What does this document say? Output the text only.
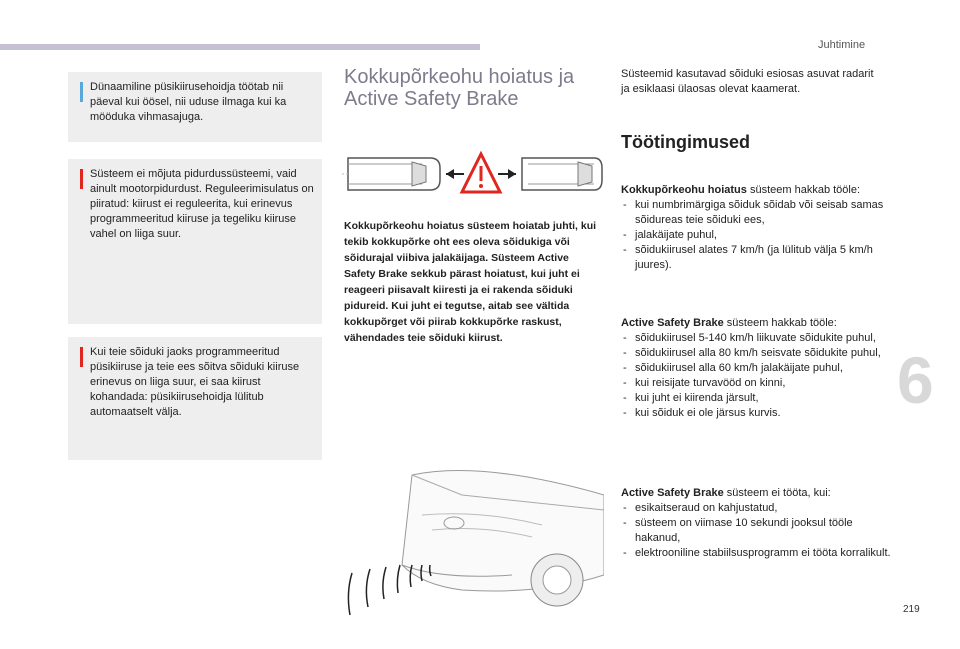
Juhtimine
6
219

Dünaamiline püsikiirusehoidja töötab nii päeval kui öösel, nii uduse ilmaga kui ka mööduka vihmasajuga.

Süsteem ei mõjuta pidurdussüsteemi, vaid ainult mootorpidurdust. Reguleerimisulatus on piiratud: kiirust ei reguleerita, kui erinevus programmeeritud kiiruse ja tegeliku kiiruse vahel on liiga suur.

Kui teie sõiduki jaoks programmeeritud püsikiiruse ja teie ees sõitva sõiduki kiiruse erinevus on liiga suur, ei saa kiirust kohandada: püsikiirusehoidja lülitub automaatselt välja.

Kokkupõrkeohu hoiatus ja Active Safety Brake

Kokkupõrkeohu hoiatus süsteem hoiatab juhti, kui tekib kokkupõrke oht ees oleva sõidukiga või sõidurajal viibiva jalakäijaga. Süsteem Active Safety Brake sekkub pärast hoiatust, kui juht ei reageeri piisavalt kiiresti ja ei rakenda sõiduki pidureid. Kui juht ei tegutse, aitab see vältida kokkupõrget või piirab kokkupõrke raskust, vähendades teie sõiduki kiirust.

Süsteemid kasutavad sõiduki esiosas asuvat radarit ja esiklaasi ülaosas olevat kaamerat.

Töötingimused
Kokkupõrkeohu hoiatus süsteem hakkab tööle:
- kui numbrimärgiga sõiduk sõidab või seisab samas sõidureas teie sõiduki ees,
- jalakäijate puhul,
- sõidukiirusel alates 7 km/h (ja lülitub välja 5 km/h juures).
Active Safety Brake süsteem hakkab tööle:
- sõidukiirusel 5-140 km/h liikuvate sõidukite puhul,
- sõidukiirusel alla 80 km/h seisvate sõidukite puhul,
- sõidukiirusel alla 60 km/h jalakäijate puhul,
- kui reisijate turvavööd on kinni,
- kui juht ei kiirenda järsult,
- kui sõiduk ei ole järsus kurvis.
Active Safety Brake süsteem ei tööta, kui:
- esikaitseraud on kahjustatud,
- süsteem on viimase 10 sekundi jooksul tööle hakanud,
- elektrooniline stabiilsusprogramm ei tööta korralikult.
